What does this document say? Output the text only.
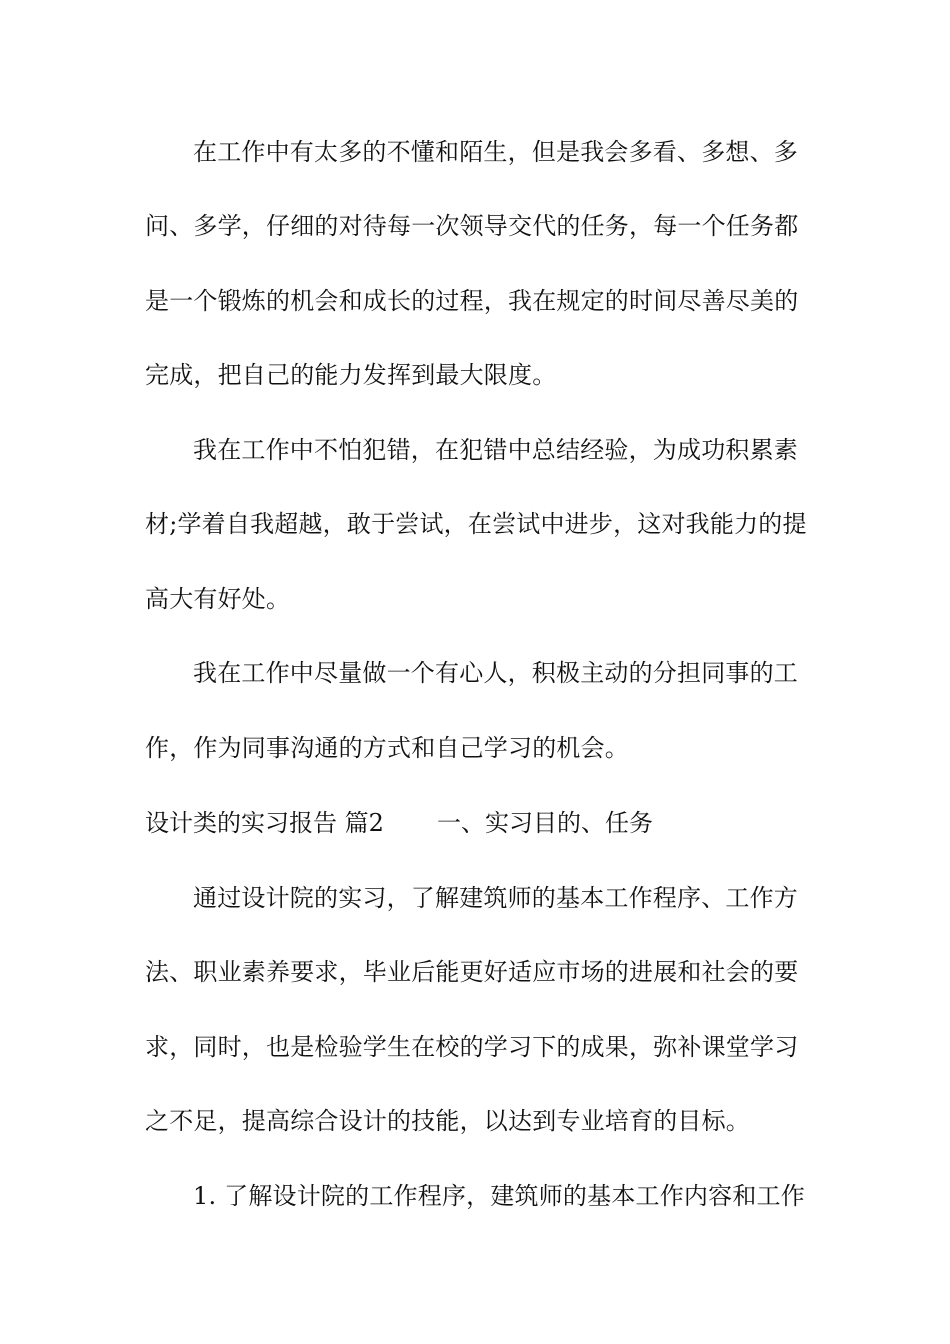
在工作中有太多的不懂和陌生，但是我会多看、多想、多
问、多学，仔细的对待每一次领导交代的任务，每一个任务都
是一个锻炼的机会和成长的过程，我在规定的时间尽善尽美的
完成，把自己的能力发挥到最大限度。
我在工作中不怕犯错，在犯错中总结经验，为成功积累素
材;学着自我超越，敢于尝试，在尝试中进步，这对我能力的提
高大有好处。
我在工作中尽量做一个有心人，积极主动的分担同事的工
作，作为同事沟通的方式和自己学习的机会。
设计类的实习报告 篇2 一、实习目的、任务
通过设计院的实习，了解建筑师的基本工作程序、工作方
法、职业素养要求，毕业后能更好适应市场的进展和社会的要
求，同时，也是检验学生在校的学习下的成果，弥补课堂学习
之不足，提高综合设计的技能，以达到专业培育的目标。
1. 了解设计院的工作程序，建筑师的基本工作内容和工作
